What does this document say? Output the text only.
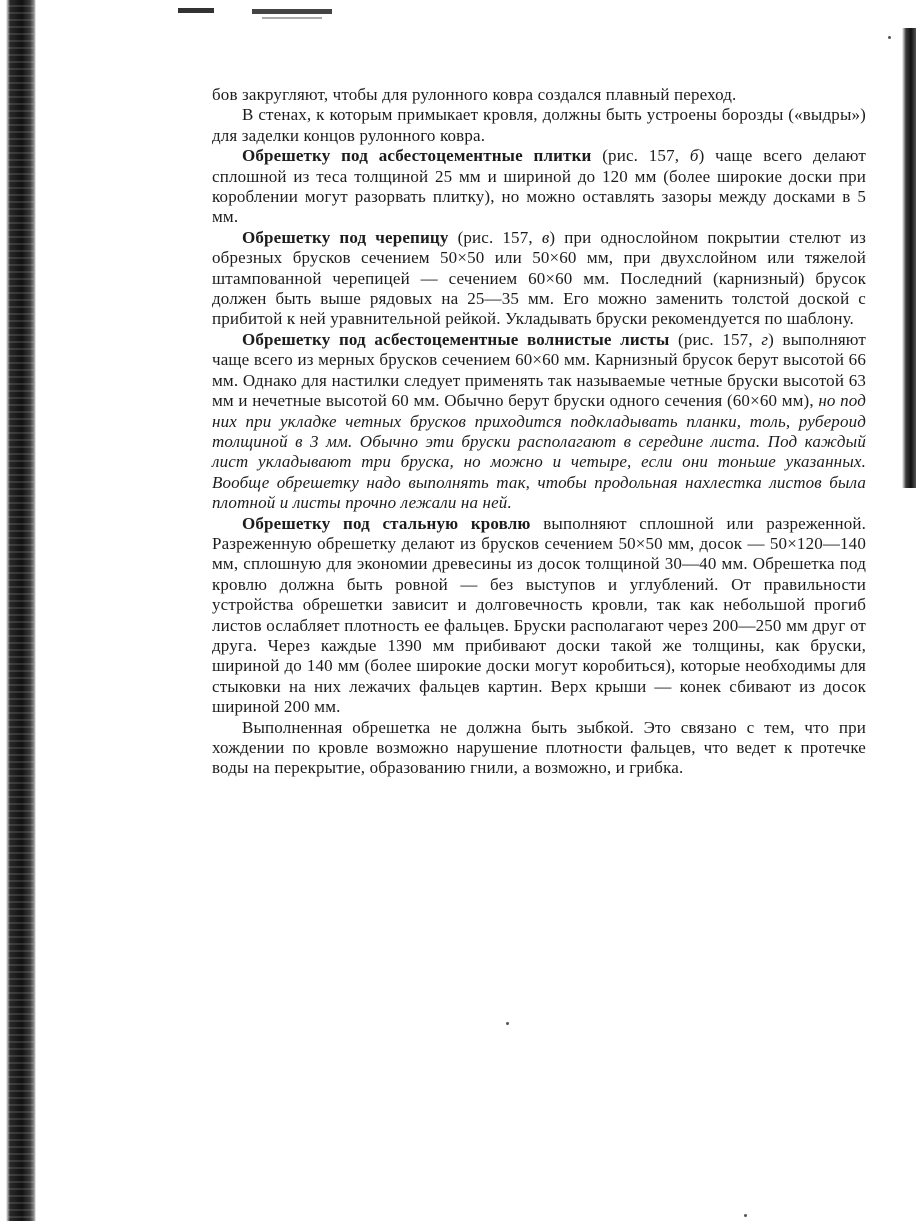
бов закругляют, чтобы для рулонного ковра создался плавный переход.

В стенах, к которым примыкает кровля, должны быть устроены борозды («выдры») для заделки концов рулонного ковра.

Обрешетку под асбестоцементные плитки (рис. 157, б) чаще всего делают сплошной из теса толщиной 25 мм и шириной до 120 мм (более широкие доски при короблении могут разорвать плитку), но можно оставлять зазоры между досками в 5 мм.

Обрешетку под черепицу (рис. 157, в) при однослойном покрытии стелют из обрезных брусков сечением 50×50 или 50×60 мм, при двухслойном или тяжелой штампованной черепицей — сечением 60×60 мм. Последний (карнизный) брусок должен быть выше рядовых на 25—35 мм. Его можно заменить толстой доской с прибитой к ней уравнительной рейкой. Укладывать бруски рекомендуется по шаблону.

Обрешетку под асбестоцементные волнистые листы (рис. 157, г) выполняют чаще всего из мерных брусков сечением 60×60 мм. Карнизный брусок берут высотой 66 мм. Однако для настилки следует применять так называемые четные бруски высотой 63 мм и нечетные высотой 60 мм. Обычно берут бруски одного сечения (60×60 мм), но под них при укладке четных брусков приходится подкладывать планки, толь, рубероид толщиной в 3 мм. Обычно эти бруски располагают в середине листа. Под каждый лист укладывают три бруска, но можно и четыре, если они тоньше указанных. Вообще обрешетку надо выполнять так, чтобы продольная нахлестка листов была плотной и листы прочно лежали на ней.

Обрешетку под стальную кровлю выполняют сплошной или разреженной. Разреженную обрешетку делают из брусков сечением 50×50 мм, досок — 50×120—140 мм, сплошную для экономии древесины из досок толщиной 30—40 мм. Обрешетка под кровлю должна быть ровной — без выступов и углублений. От правильности устройства обрешетки зависит и долговечность кровли, так как небольшой прогиб листов ослабляет плотность ее фальцев. Бруски располагают через 200—250 мм друг от друга. Через каждые 1390 мм прибивают доски такой же толщины, как бруски, шириной до 140 мм (более широкие доски могут коробиться), которые необходимы для стыковки на них лежачих фальцев картин. Верх крыши — конек сбивают из досок шириной 200 мм.

Выполненная обрешетка не должна быть зыбкой. Это связано с тем, что при хождении по кровле возможно нарушение плотности фальцев, что ведет к протечке воды на перекрытие, образованию гнили, а возможно, и грибка.
